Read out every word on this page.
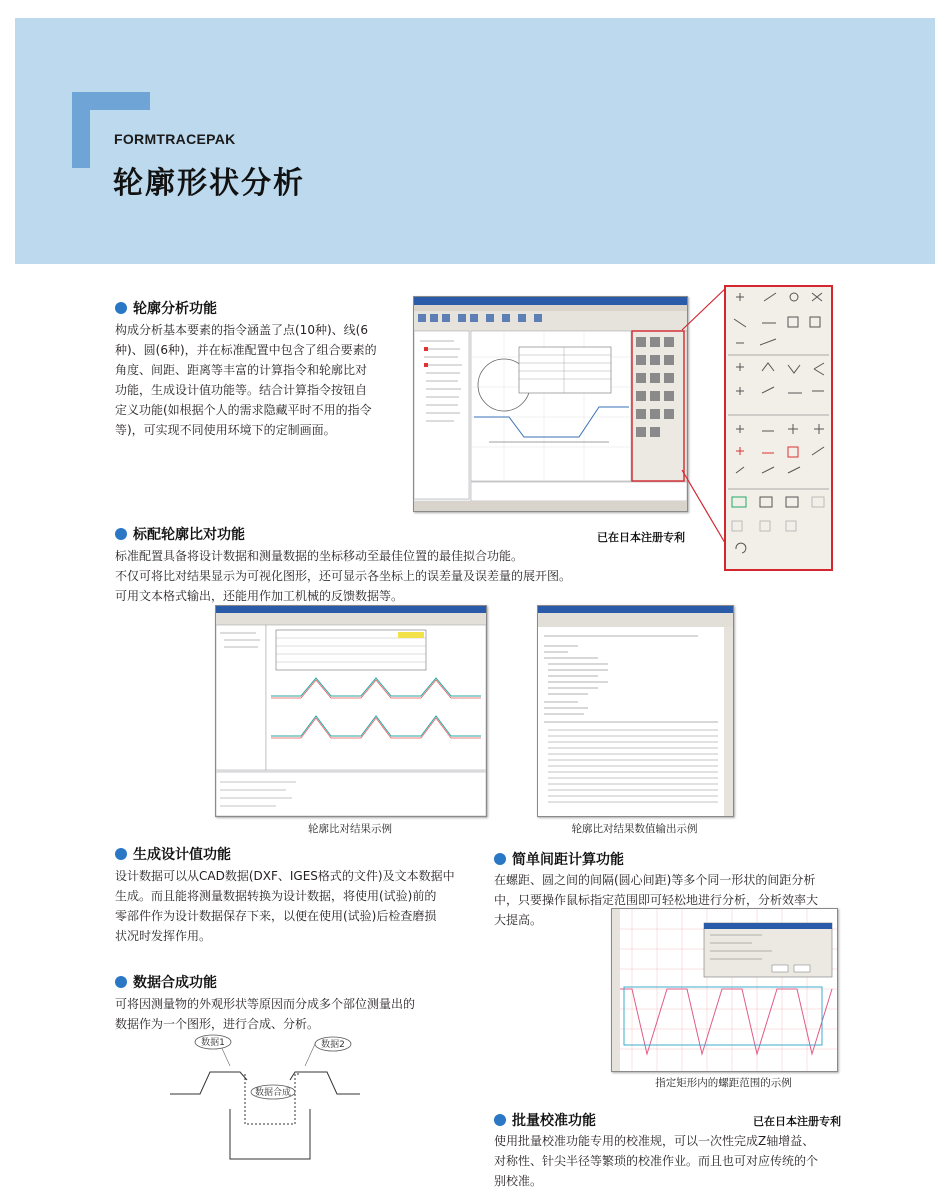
FORMTRACEPAK
轮廓形状分析
轮廓分析功能

构成分析基本要素的指令涵盖了点(10种)、线(6

种)、圆(6种)，并在标准配置中包含了组合要素的

角度、间距、距离等丰富的计算指令和轮廓比对

功能，生成设计值功能等。结合计算指令按钮自

定义功能(如根据个人的需求隐藏平时不用的指令

等)，可实现不同使用环境下的定制画面。

标配轮廓比对功能	已在日本注册专利

标准配置具备将设计数据和测量数据的坐标移动至最佳位置的最佳拟合功能。

不仅可将比对结果显示为可视化图形，还可显示各坐标上的误差量及误差量的展开图。

可用文本格式输出，还能用作加工机械的反馈数据等。

轮廓比对结果示例	轮廓比对结果数值输出示例
生成设计值功能

设计数据可以从CAD数据(DXF、IGES格式的文件)及文本数据中

生成。而且能将测量数据转换为设计数据，将使用(试验)前的

零部件作为设计数据保存下来，以便在使用(试验)后检查磨损

状况时发挥作用。

数据合成功能

可将因测量物的外观形状等原因而分成多个部位测量出的

数据作为一个图形，进行合成、分析。

数据1	数据2
数据合成
简单间距计算功能

在螺距、圆之间的间隔(圆心间距)等多个同一形状的间距分析

中，只要操作鼠标指定范围即可轻松地进行分析，分析效率大

大提高。

指定矩形内的螺距范围的示例
批量校准功能	已在日本注册专利

使用批量校准功能专用的校准规，可以一次性完成Z轴增益、

对称性、针尖半径等繁琐的校准作业。而且也可对应传统的个

别校准。
